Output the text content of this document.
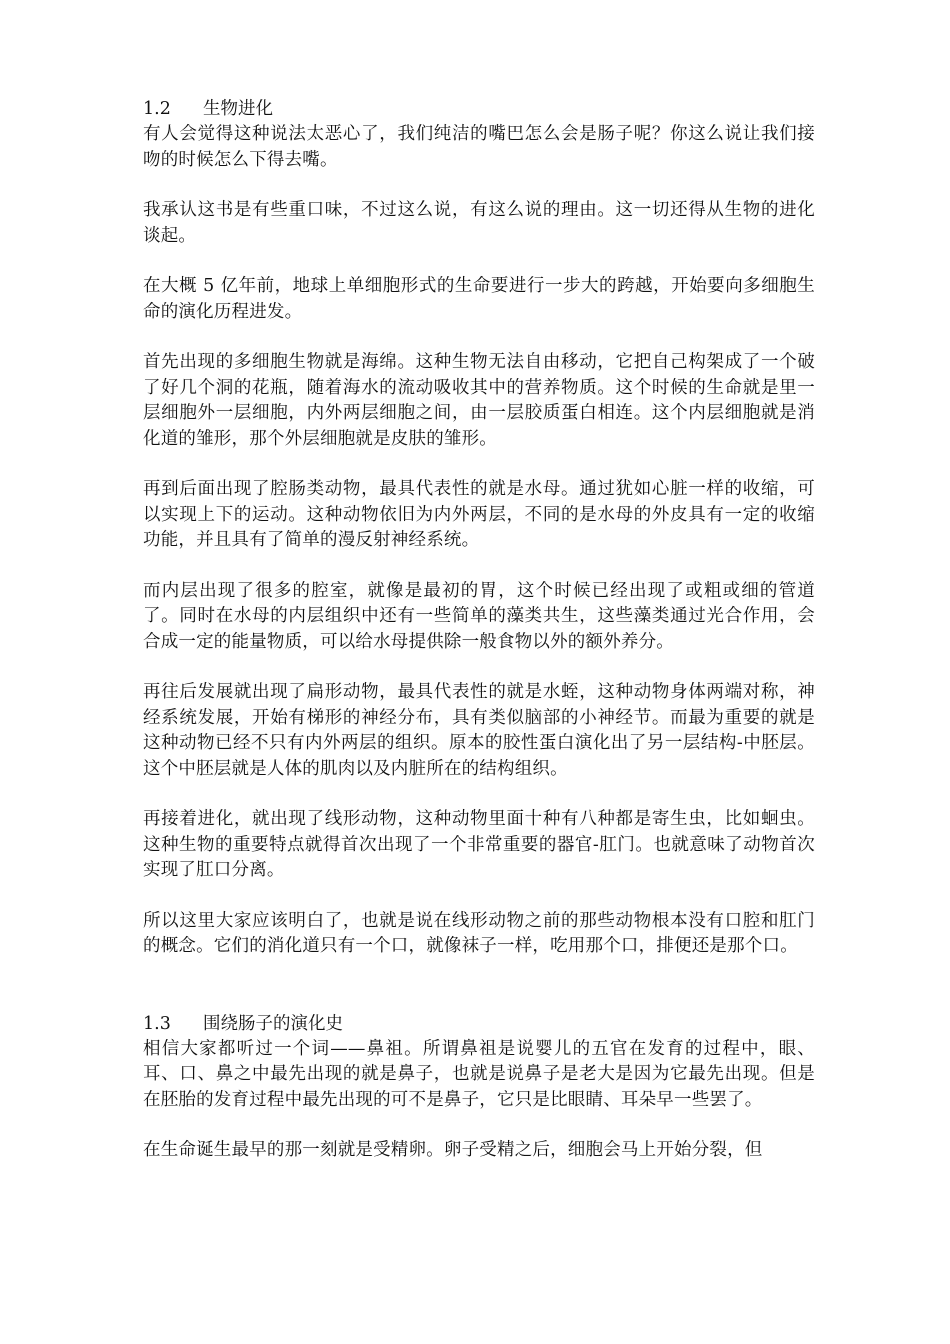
1.2 生物进化

有人会觉得这种说法太恶心了，我们纯洁的嘴巴怎么会是肠子呢？你这么说让我们接吻的时候怎么下得去嘴。

我承认这书是有些重口味，不过这么说，有这么说的理由。这一切还得从生物的进化谈起。

在大概 5 亿年前，地球上单细胞形式的生命要进行一步大的跨越，开始要向多细胞生命的演化历程进发。

首先出现的多细胞生物就是海绵。这种生物无法自由移动，它把自己构架成了一个破了好几个洞的花瓶，随着海水的流动吸收其中的营养物质。这个时候的生命就是里一层细胞外一层细胞，内外两层细胞之间，由一层胶质蛋白相连。这个内层细胞就是消化道的雏形，那个外层细胞就是皮肤的雏形。

再到后面出现了腔肠类动物，最具代表性的就是水母。通过犹如心脏一样的收缩，可以实现上下的运动。这种动物依旧为内外两层，不同的是水母的外皮具有一定的收缩功能，并且具有了简单的漫反射神经系统。

而内层出现了很多的腔室，就像是最初的胃，这个时候已经出现了或粗或细的管道了。同时在水母的内层组织中还有一些简单的藻类共生，这些藻类通过光合作用，会合成一定的能量物质，可以给水母提供除一般食物以外的额外养分。

再往后发展就出现了扁形动物，最具代表性的就是水蛭，这种动物身体两端对称，神经系统发展，开始有梯形的神经分布，具有类似脑部的小神经节。而最为重要的就是这种动物已经不只有内外两层的组织。原本的胶性蛋白演化出了另一层结构-中胚层。这个中胚层就是人体的肌肉以及内脏所在的结构组织。

再接着进化，就出现了线形动物，这种动物里面十种有八种都是寄生虫，比如蛔虫。这种生物的重要特点就得首次出现了一个非常重要的器官-肛门。也就意味了动物首次实现了肛口分离。

所以这里大家应该明白了，也就是说在线形动物之前的那些动物根本没有口腔和肛门的概念。它们的消化道只有一个口，就像袜子一样，吃用那个口，排便还是那个口。

1.3 围绕肠子的演化史

相信大家都听过一个词——鼻祖。所谓鼻祖是说婴儿的五官在发育的过程中，眼、耳、口、鼻之中最先出现的就是鼻子，也就是说鼻子是老大是因为它最先出现。但是在胚胎的发育过程中最先出现的可不是鼻子，它只是比眼睛、耳朵早一些罢了。

在生命诞生最早的那一刻就是受精卵。卵子受精之后，细胞会马上开始分裂，但
